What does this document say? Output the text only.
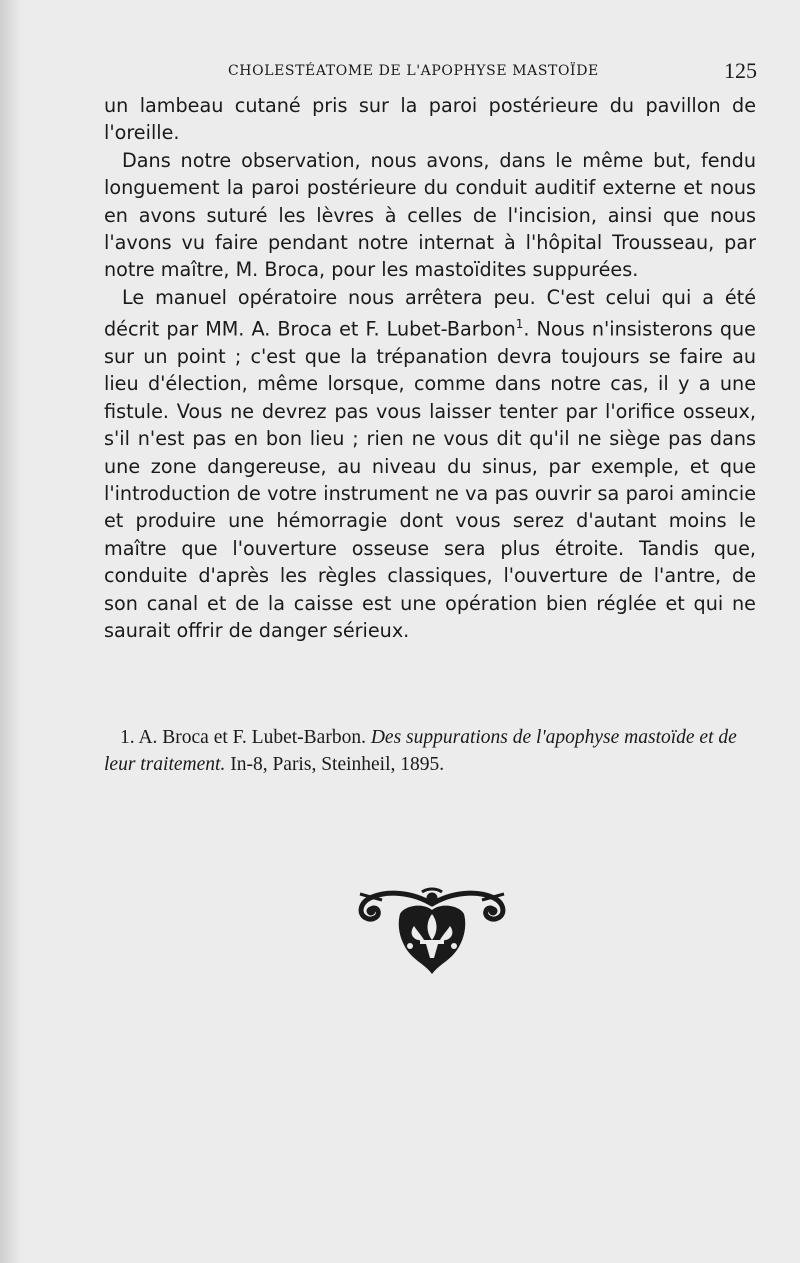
CHOLESTÉATOME DE L'APOPHYSE MASTOÏDE	125

un lambeau cutané pris sur la paroi postérieure du pavillon de l'oreille.

Dans notre observation, nous avons, dans le même but, fendu longuement la paroi postérieure du conduit auditif externe et nous en avons suturé les lèvres à celles de l'incision, ainsi que nous l'avons vu faire pendant notre internat à l'hôpital Trousseau, par notre maître, M. Broca, pour les mastoïdites suppurées.

Le manuel opératoire nous arrêtera peu. C'est celui qui a été décrit par MM. A. Broca et F. Lubet-Barbon$^1$. Nous n'insisterons que sur un point ; c'est que la trépanation devra toujours se faire au lieu d'élection, même lorsque, comme dans notre cas, il y a une fistule. Vous ne devrez pas vous laisser tenter par l'orifice osseux, s'il n'est pas en bon lieu ; rien ne vous dit qu'il ne siège pas dans une zone dangereuse, au niveau du sinus, par exemple, et que l'introduction de votre instrument ne va pas ouvrir sa paroi amincie et produire une hémorragie dont vous serez d'autant moins le maître que l'ouverture osseuse sera plus étroite. Tandis que, conduite d'après les règles classiques, l'ouverture de l'antre, de son canal et de la caisse est une opération bien réglée et qui ne saurait offrir de danger sérieux.

1. A. Broca et F. Lubet-Barbon. Des suppurations de l'apophyse mastoïde et de leur traitement. In-8, Paris, Steinheil, 1895.
